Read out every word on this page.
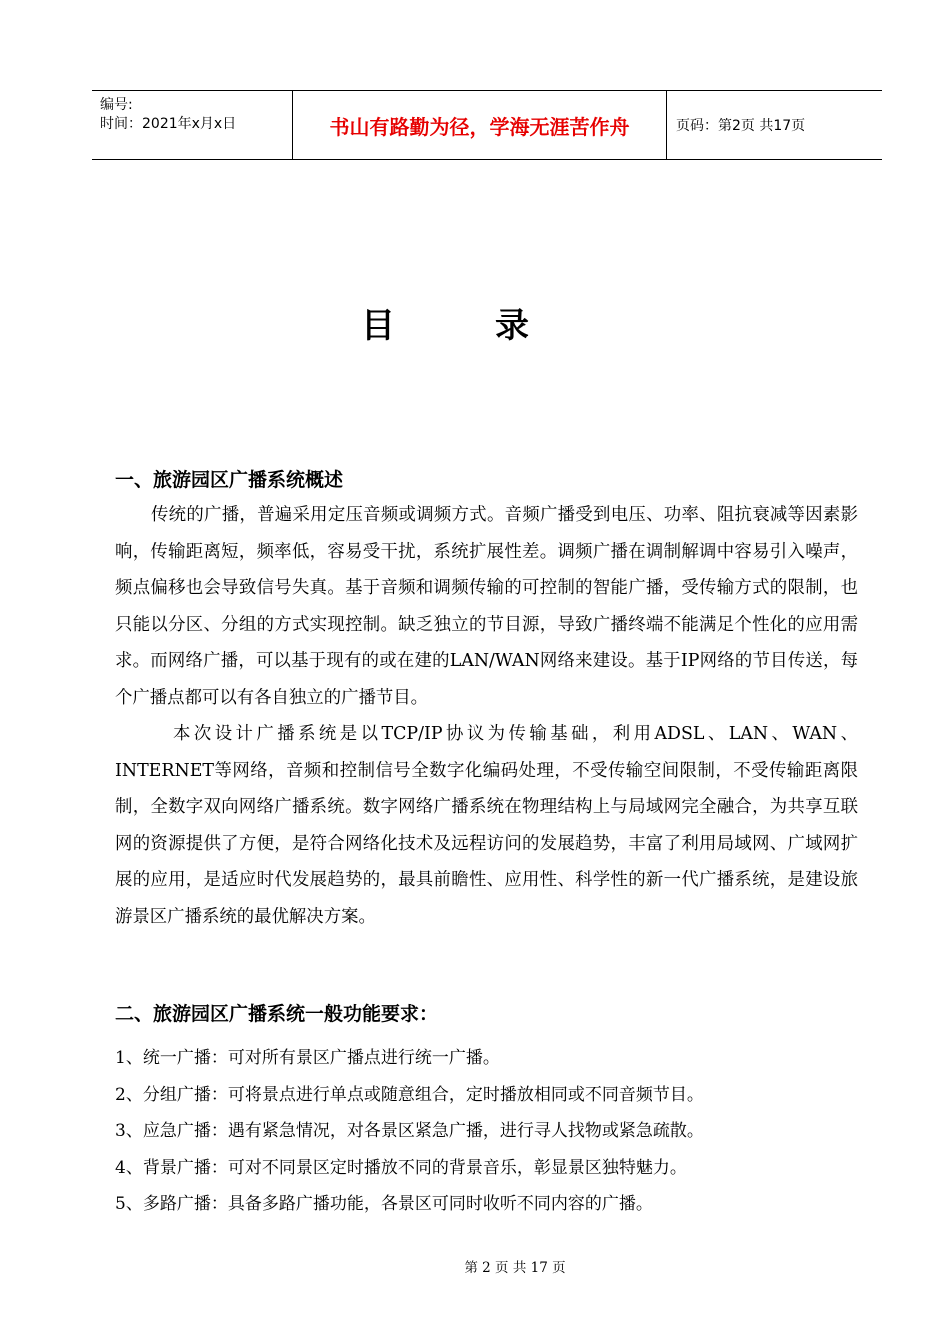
编号:
时间：2021年x月x日	书山有路勤为径，学海无涯苦作舟	页码：第2页 共17页
目录
一、旅游园区广播系统概述

传统的广播，普遍采用定压音频或调频方式。音频广播受到电压、功率、阻抗衰减等因素影响，传输距离短，频率低，容易受干扰，系统扩展性差。调频广播在调制解调中容易引入噪声，频点偏移也会导致信号失真。基于音频和调频传输的可控制的智能广播，受传输方式的限制，也只能以分区、分组的方式实现控制。缺乏独立的节目源，导致广播终端不能满足个性化的应用需求。而网络广播，可以基于现有的或在建的LAN/WAN网络来建设。基于IP网络的节目传送，每个广播点都可以有各自独立的广播节目。

本次设计广播系统是以TCP/IP协议为传输基础，利用ADSL、LAN、WAN、INTERNET等网络，音频和控制信号全数字化编码处理，不受传输空间限制，不受传输距离限制，全数字双向网络广播系统。数字网络广播系统在物理结构上与局域网完全融合，为共享互联网的资源提供了方便，是符合网络化技术及远程访问的发展趋势，丰富了利用局域网、广域网扩展的应用，是适应时代发展趋势的，最具前瞻性、应用性、科学性的新一代广播系统，是建设旅游景区广播系统的最优解决方案。

二、旅游园区广播系统一般功能要求：
1、统一广播：可对所有景区广播点进行统一广播。
2、分组广播：可将景点进行单点或随意组合，定时播放相同或不同音频节目。
3、应急广播：遇有紧急情况，对各景区紧急广播，进行寻人找物或紧急疏散。
4、背景广播：可对不同景区定时播放不同的背景音乐，彰显景区独特魅力。
5、多路广播：具备多路广播功能，各景区可同时收听不同内容的广播。
第 2 页 共 17 页
